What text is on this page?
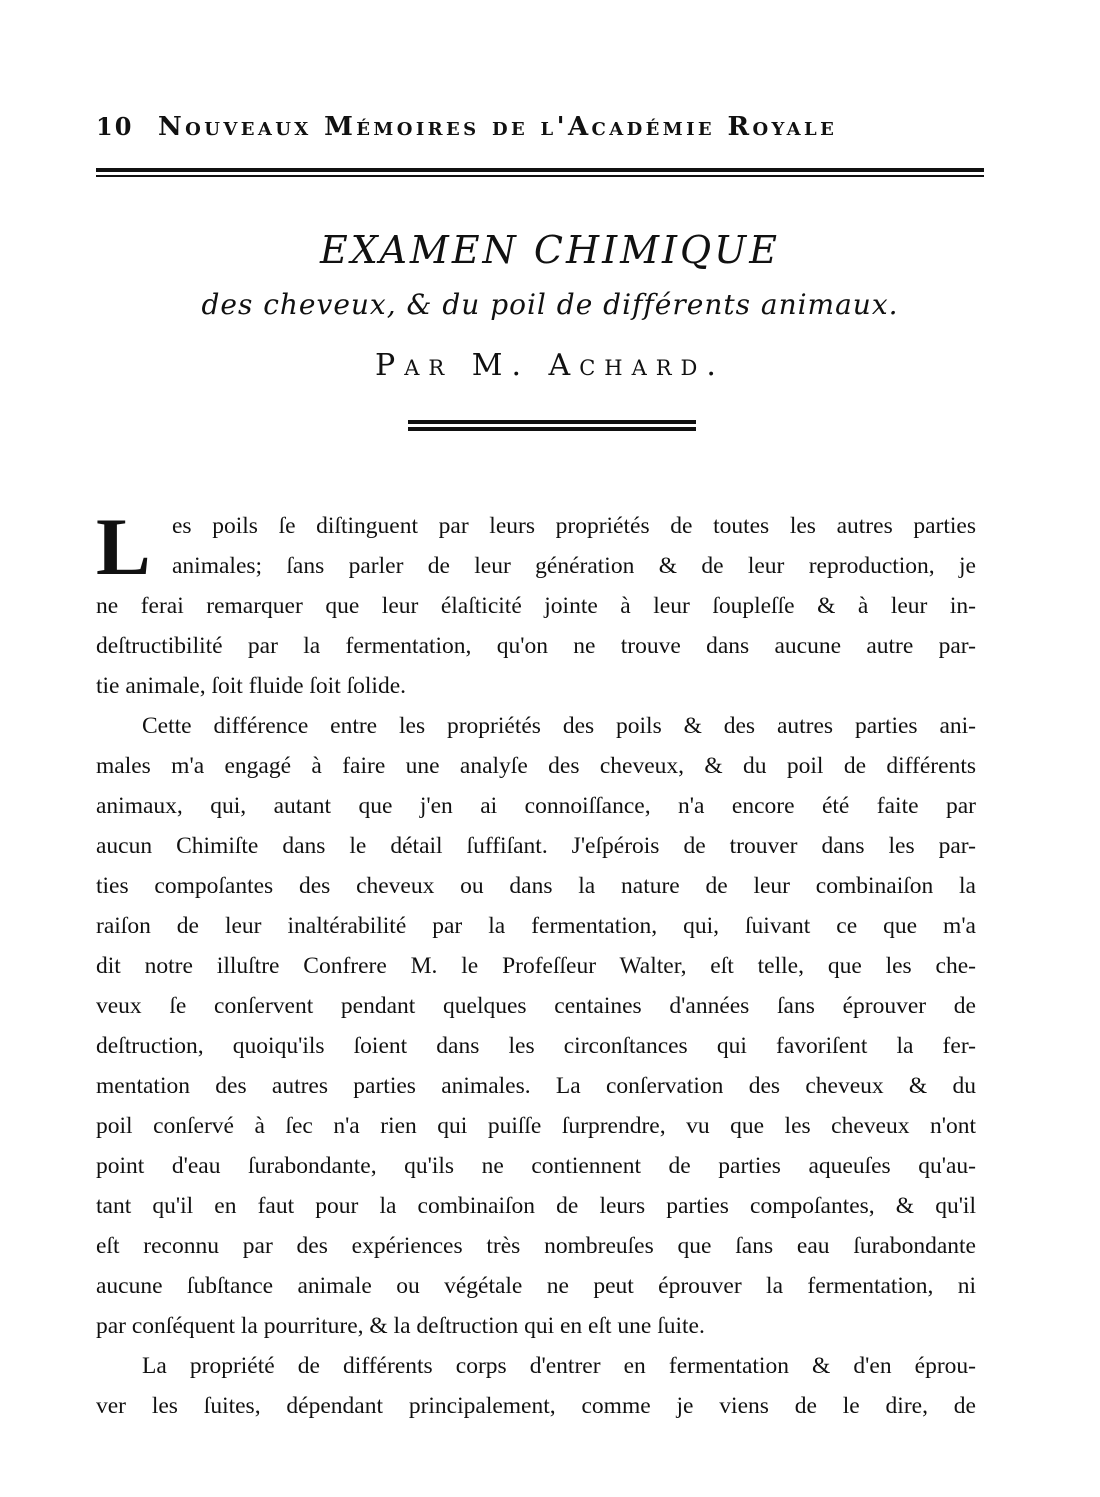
10 Nouveaux Mémoires de l'Académie Royale
EXAMEN CHIMIQUE
des cheveux, & du poil de différents animaux.
Par M. Achard.
L es poils ſe diſtinguent par leurs propriétés de toutes les autres parties
animales; ſans parler de leur génération & de leur reproduction, je
ne ferai remarquer que leur élaſticité jointe à leur ſoupleſſe & à leur in-
deſtructibilité par la fermentation, qu'on ne trouve dans aucune autre par-
tie animale, ſoit fluide ſoit ſolide.
Cette différence entre les propriétés des poils & des autres parties ani-
males m'a engagé à faire une analyſe des cheveux, & du poil de différents
animaux, qui, autant que j'en ai connoiſſance, n'a encore été faite par
aucun Chimiſte dans le détail ſuffiſant. J'eſpérois de trouver dans les par-
ties compoſantes des cheveux ou dans la nature de leur combinaiſon la
raiſon de leur inaltérabilité par la fermentation, qui, ſuivant ce que m'a
dit notre illuſtre Confrere M. le Profeſſeur Walter, eſt telle, que les che-
veux ſe conſervent pendant quelques centaines d'années ſans éprouver de
deſtruction, quoiqu'ils ſoient dans les circonſtances qui favoriſent la fer-
mentation des autres parties animales. La conſervation des cheveux & du
poil conſervé à ſec n'a rien qui puiſſe ſurprendre, vu que les cheveux n'ont
point d'eau ſurabondante, qu'ils ne contiennent de parties aqueuſes qu'au-
tant qu'il en faut pour la combinaiſon de leurs parties compoſantes, & qu'il
eſt reconnu par des expériences très nombreuſes que ſans eau ſurabondante
aucune ſubſtance animale ou végétale ne peut éprouver la fermentation, ni
par conſéquent la pourriture, & la deſtruction qui en eſt une ſuite.
La propriété de différents corps d'entrer en fermentation & d'en éprou-
ver les ſuites, dépendant principalement, comme je viens de le dire, de
